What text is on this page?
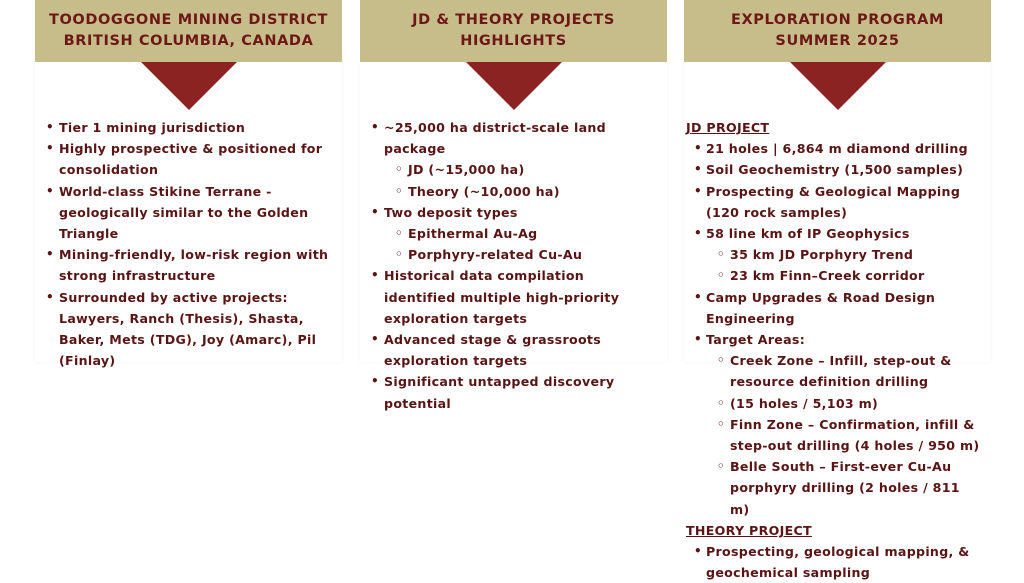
TOODOGGONE MINING DISTRICT
BRITISH COLUMBIA, CANADA
• Tier 1 mining jurisdiction
• Highly prospective & positioned for consolidation
• World-class Stikine Terrane - geologically similar to the Golden Triangle
• Mining-friendly, low-risk region with strong infrastructure
• Surrounded by active projects: Lawyers, Ranch (Thesis), Shasta, Baker, Mets (TDG), Joy (Amarc), Pil (Finlay)
JD & THEORY PROJECTS
HIGHLIGHTS
• ~25,000 ha district-scale land package
◦ JD (~15,000 ha)
◦ Theory (~10,000 ha)
• Two deposit types
◦ Epithermal Au-Ag
◦ Porphyry-related Cu-Au
• Historical data compilation identified multiple high-priority exploration targets
• Advanced stage & grassroots exploration targets
• Significant untapped discovery potential
EXPLORATION PROGRAM
SUMMER 2025
JD PROJECT
• 21 holes | 6,864 m diamond drilling
• Soil Geochemistry (1,500 samples)
• Prospecting & Geological Mapping (120 rock samples)
• 58 line km of IP Geophysics
◦ 35 km JD Porphyry Trend
◦ 23 km Finn–Creek corridor
• Camp Upgrades & Road Design Engineering
• Target Areas:
◦ Creek Zone – Infill, step-out & resource definition drilling
◦ (15 holes / 5,103 m)
◦ Finn Zone – Confirmation, infill & step-out drilling (4 holes / 950 m)
◦ Belle South – First-ever Cu-Au porphyry drilling (2 holes / 811 m)
THEORY PROJECT
• Prospecting, geological mapping, & geochemical sampling
